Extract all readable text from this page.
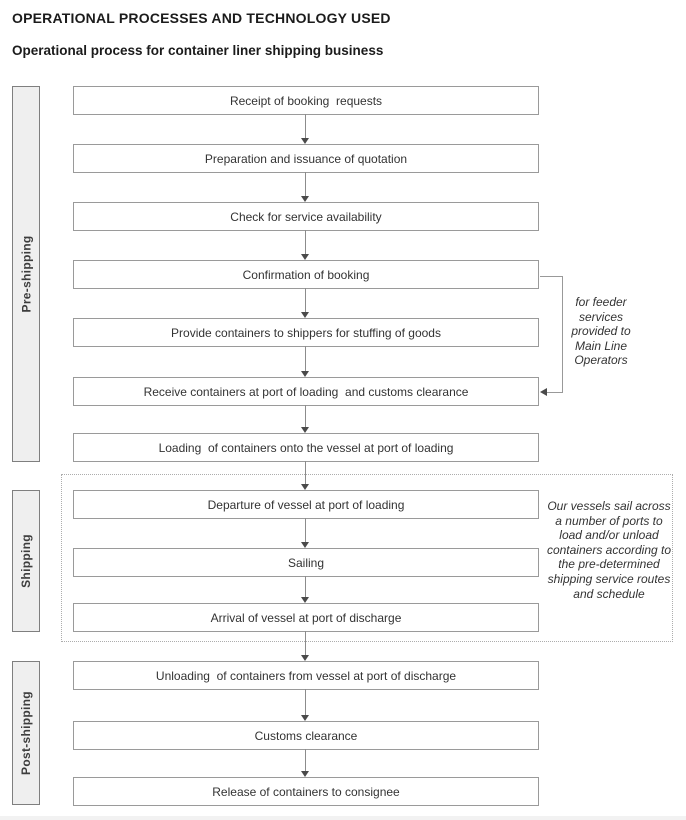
OPERATIONAL PROCESSES AND TECHNOLOGY USED
Operational process for container liner shipping business
Pre-shipping
Shipping
Post-shipping
Receipt of booking  requests
Preparation and issuance of quotation
Check for service availability
Confirmation of booking
Provide containers to shippers for stuffing of goods
Receive containers at port of loading  and customs clearance
Loading  of containers onto the vessel at port of loading
Departure of vessel at port of loading
Sailing
Arrival of vessel at port of discharge
Unloading  of containers from vessel at port of discharge
Customs clearance
Release of containers to consignee

for feeder services provided to Main Line Operators

Our vessels sail across a number of ports to load and/or unload containers according to the pre-determined shipping service routes and schedule
